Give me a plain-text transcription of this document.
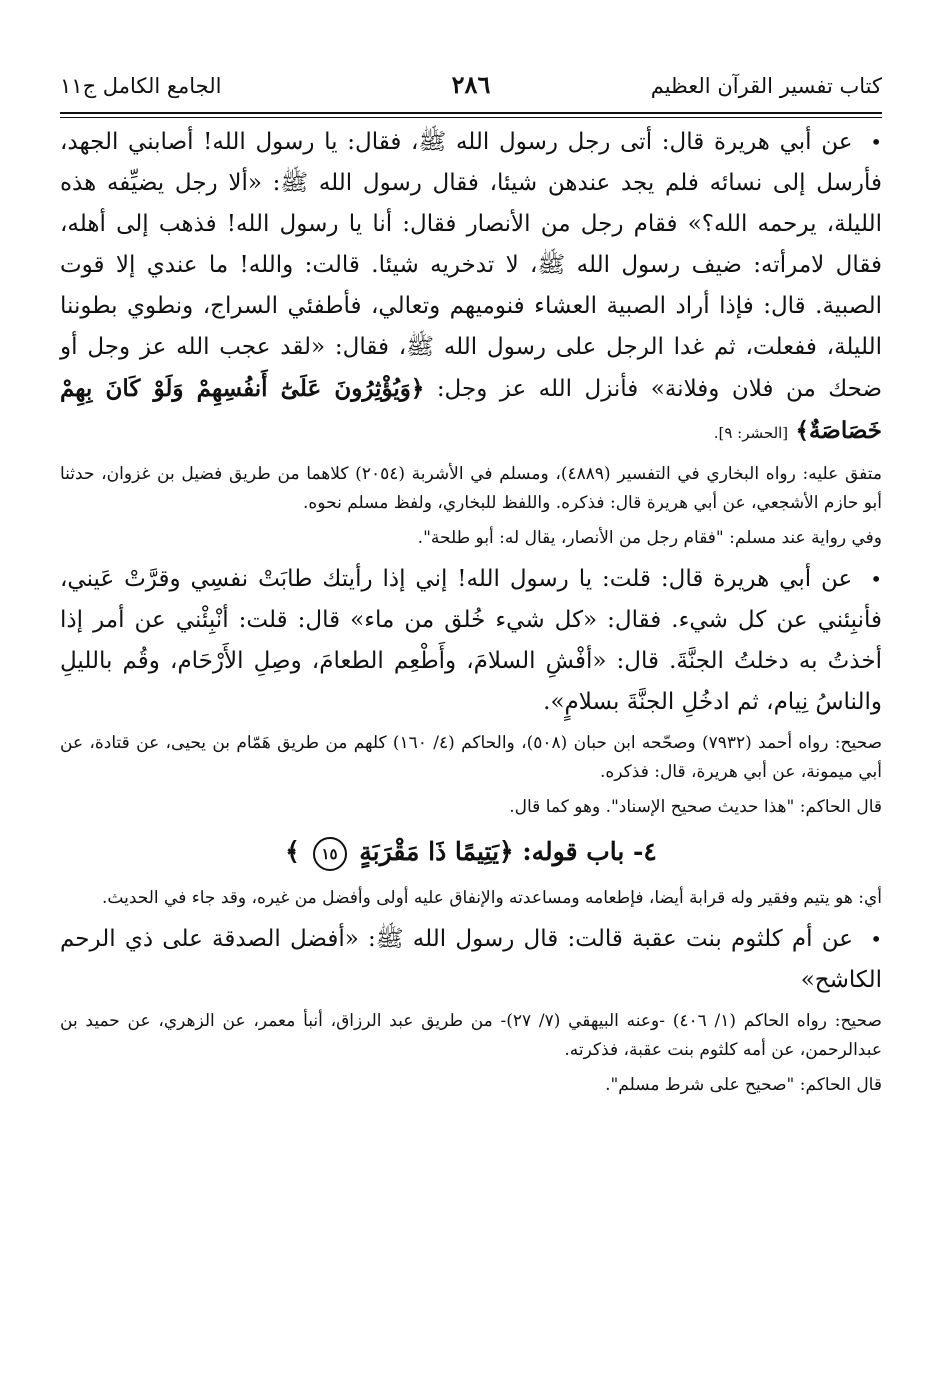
كتاب تفسير القرآن العظيم
٢٨٦
الجامع الكامل ج١١

• عن أبي هريرة قال: أتى رجل رسول الله ﷺ، فقال: يا رسول الله! أصابني الجهد، فأرسل إلى نسائه فلم يجد عندهن شيئا، فقال رسول الله ﷺ: «ألا رجل يضيِّفه هذه الليلة، يرحمه الله؟» فقام رجل من الأنصار فقال: أنا يا رسول الله! فذهب إلى أهله، فقال لامرأته: ضيف رسول الله ﷺ، لا تدخريه شيئا. قالت: والله! ما عندي إلا قوت الصبية. قال: فإذا أراد الصبية العشاء فنوميهم وتعالي، فأطفئي السراج، ونطوي بطوننا الليلة، ففعلت، ثم غدا الرجل على رسول الله ﷺ، فقال: «لقد عجب الله عز وجل أو ضحك من فلان وفلانة» فأنزل الله عز وجل: ﴿وَيُؤْثِرُونَ عَلَىٰٓ أَنفُسِهِمْ وَلَوْ كَانَ بِهِمْ خَصَاصَةٌ﴾ [الحشر: ٩].

متفق عليه: رواه البخاري في التفسير (٤٨٨٩)، ومسلم في الأشربة (٢٠٥٤) كلاهما من طريق فضيل بن غزوان، حدثنا أبو حازم الأشجعي، عن أبي هريرة قال: فذكره. واللفظ للبخاري، ولفظ مسلم نحوه.

وفي رواية عند مسلم: "فقام رجل من الأنصار، يقال له: أبو طلحة".

• عن أبي هريرة قال: قلت: يا رسول الله! إني إذا رأيتك طابَتْ نفسِي وقرَّتْ عَيني، فأنبِئني عن كل شيء. فقال: «كل شيء خُلق من ماء» قال: قلت: أنْبِئْني عن أمر إذا أخذتُ به دخلتُ الجنَّةَ. قال: «أفْشِ السلامَ، وأَطْعِم الطعامَ، وصِلِ الأَرْحَام، وقُم بالليلِ والناسُ نِيام، ثم ادخُلِ الجنَّةَ بسلامٍ».

صحيح: رواه أحمد (٧٩٣٢) وصحّحه ابن حبان (٥٠٨)، والحاكم (٤/ ١٦٠) كلهم من طريق هَمّام بن يحيى، عن قتادة، عن أبي ميمونة، عن أبي هريرة، قال: فذكره.

قال الحاكم: "هذا حديث صحيح الإسناد". وهو كما قال.

٤- باب قوله: ﴿يَتِيمًا ذَا مَقْرَبَةٍ ١٥ ﴾

أي: هو يتيم وفقير وله قرابة أيضا، فإطعامه ومساعدته والإنفاق عليه أولى وأفضل من غيره، وقد جاء في الحديث.

• عن أم كلثوم بنت عقبة قالت: قال رسول الله ﷺ: «أفضل الصدقة على ذي الرحم الكاشح»

صحيح: رواه الحاكم (١/ ٤٠٦) -وعنه البيهقي (٧/ ٢٧)- من طريق عبد الرزاق، أنبأ معمر، عن الزهري، عن حميد بن عبدالرحمن، عن أمه كلثوم بنت عقبة، فذكرته.

قال الحاكم: "صحيح على شرط مسلم".
